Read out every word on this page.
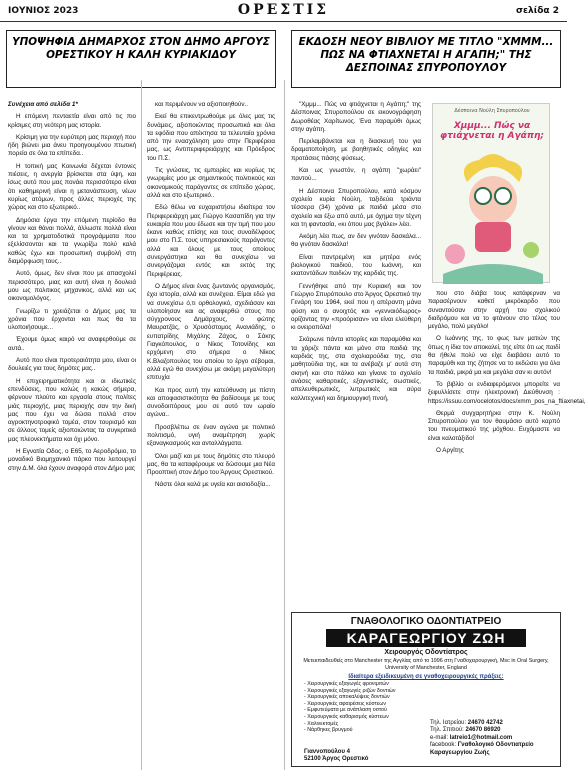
ΙΟΥΝΙΟΣ 2023	ΟΡΕΣΤΙΣ	σελίδα 2
ΥΠΟΨΗΦΙΑ ΔΗΜΑΡΧΟΣ ΣΤΟΝ ΔΗΜΟ ΑΡΓΟΥΣ ΟΡΕΣΤΙΚΟΥ Η ΚΑΛΗ ΚΥΡΙΑΚΙΔΟΥ
ΕΚΔΟΣΗ ΝΕΟΥ ΒΙΒΛΙΟΥ ΜΕ ΤΙΤΛΟ "ΧΜΜΜ... ΠΩΣ ΝΑ ΦΤΙΑΧΝΕΤΑΙ Η ΑΓΑΠΗ;" ΤΗΣ ΔΕΣΠΟΙΝΑΣ ΣΠΥΡΟΠΟΥΛΟΥ

Συνέχεια από σελίδα 1*

Η επόμενη πενταετία είναι από τις πιο κρίσιμες στη νεότερη μας ιστορία.

Κρίσιμη για την ευρύτερη μας περιοχή που ήδη βιώνει μια άνευ προηγουμένου πτωτική πορεία σε όλα τα επίπεδα..

Η τοπική μας Κοινωνία δέχεται έντονες πιέσεις, η ανεργία βρίσκεται στα ύψη, και ίσως αυτό που μας πονάει περισσότερο είναι ότι καθημερινή είναι η μετανάστευση, νέων κυρίως ατόμων, προς άλλες περιοχές της χώρας και στο εξωτερικό..

Δημόσια έργα την επόμενη περίοδο θα γίνουν και θάναι πολλά, άλλωστε πολλά είναι και τα χρηματοδοτικά προγράμματα που εξελίσσονται και τα γνωρίζω πολύ καλά καθώς έχω και προσωπική συμβολή στη διαμόρφωση τους..

Αυτό, όμως, δεν είναι που με απασχολεί περισσότερο, μιας και αυτή είναι η δουλειά μου ως πολιτικος μηχανικος, αλλά και ως οικονομολόγος.

Γνωρίζω τι χρειάζεται ο Δήμος μας τα χρόνια που έρχονται και πως θα τα υλοποιήσουμε...

Έχουμε όμως καιρό να αναφερθούμε σε αυτά..

Αυτό που είναι προτεραιότητα μου, είναι οι δουλειές για τους δημότες μας..

Η επιχειρηματικότητα και οι ιδιωτικές επενδύσεις, που καλώς η κακώς σήμερα, φέρνουν πλούτο και εργασία στους πολίτες μιάς περιοχής, μιας περιοχής σαν την δική μας που έχει να δώσει πολλά στον αγροκτηνοτροφικό τομέα, στον τουρισμό και σε άλλους τομείς αξιοποιώντας τα συγκριτικά μας πλεονεκτήματα και όχι μόνο.

Η Εγνατία Οδος, ο Ε65, το Αεροδρόμιο, το μοναδικό Βιομηχανικό πάρκο που λειτουργεί στην Δ.Μ. όλα έχουν αναφορά στον Δήμο μας

και περιμένουν να αξιοποιηθούν..

Εκεί θα επικεντρωθούμε με όλες μας τις δυνάμεις, αξιοποιώντας προσωπικά και όλα τα εφόδια που απέκτησα τα τελευταία χρόνια από την ενασχόληση μου στην Περιφέρεια μας, ως Αντιπεριφερειάρχης και Πρόεδρος του Π.Σ.

Τις γνώσεις, τις εμπειρίες και κυρίως τις γνωριμίες μου με σημαντικούς πολιτικούς και οικονομικούς παράγοντες σε επίπεδο χώρας, αλλά και στο εξωτερικό..

Εδώ θέλω να ευχαριστήσω ιδιαίτερα τον Περιφερειάρχη μας Γιώργο Κασαπίδη για την ευκαιρία που μου έδωσε και την τιμή που μου έκανε καθώς επίσης και τους συναδέλφους μου στο Π.Σ. τους υπηρεσιακούς παράγοντες αλλά και όλους με τους οποίους συνεργάστηκα και θα συνεχίσω να συνεργάζομαι εντός και εκτός της Περιφέρειας.

Ο Δήμος είναι ένας ζωντανός οργανισμός, έχει ιστορία, αλλά και συνέχεια. Είμαι εδώ για να συνεχίσω ό,τι ορθολογικό, σχεδιάσαν και υλοποίησαν και ας αναφερθώ στους πιο σύγχρονους Δημάρχους, ο φώτης Μαυρατζάς, ο Χρυσόστομος Ανανιάδης, ο ευπατρίδης Μιχάλης Ζάχος, ο Σάκης Γιαγκόπουλος, ο Νίκος Τοτονίδης και ερχόμενη στο σήμερα ο Νίκος Κ.Βλαζοπουλος του οποίου το έργο σέβομαι, αλλά εγώ θα συνεχίσω με ακόμη μεγαλύτερη επιτυχία

Και προς αυτή την κατεύθυνση με πίστη και αποφασιστικότητα θα βαδίσουμε με τους συνοδοιπόρους μου σε αυτό τον ωραίο αγώνα..

Προσβλέπω σε έναν αγώνα με πολιτικό πολιτισμό, υγιή αναμέτρηση χωρίς εξαναγκασμούς και ανταλλάγματα.

Όλοι μαζί και με τους δημότες στο πλευρό μας, θα τα καταφέρουμε να δώσουμε μια Νέα Προοπτική στον Δήμο του Άργους Ορεστικού.

Νάστε όλοι καλά με υγεία και αισιοδοξία...

"Χμμμ... Πώς να φτιάχνεται η Αγάπη;" της Δέσποινας Σπυροπούλου σε εικονογράφηση Δωροθέας Χαρίτωνος. Ένα παραμύθι όμως στην αγάπη.

Περιλαμβάνεται και η διασκευή του για δραματοποίηση, με βοηθητικές οδηγίες και προτάσεις πάσης φύσεως.

Και ως γνωστόν, η αγάπη "χωράει" παντού...

Η Δέσποινα Σπυροπούλου, κατά κόσμον σχολείο κυρία Νούλη, ταξιδεύει τριάντα τέσσερα (34) χρόνια με παιδιά μέσα στο σχολείο και έξω από αυτό, με όχημα την τέχνη και τη φαντασία, «κι όπου μας βγάλει» λέει.

Ακόμη λέει πως, αν δεν γινόταν δασκάλα... θα γινόταν δασκάλα!

Είναι παντρεμένη και μητέρα ενός βιολογικού παιδιού, του Ιωάννη, και εκατοντάδων παιδιών της καρδιάς της.

Γεννήθηκε από την Κυριακή και τον Γεώργιο Σπυρόπουλο στο Άργος Ορεστικό την Γενάρη του 1964, εκεί που η απέραντη μάνα φύση και ο ανοιχτός και «γενναιόδωρος» ορίζοντας την «προόρισαν» να είναι ελεύθερη κι ονειροπόλα!

Σκάρωνε πάντα ιστορίες και παραμύθια και τα χάριζε πάντα και μόνο στα παιδιά της καρδιάς της, στα σχολιαρούδια της, στα μαθητούδια της, και τα ανέβαζε μ' αυτά στη σκηνή και στο πάλκο και γίνανε το σχολείο ανάσες καθαρτικές, εξαγνιστικές, σωστικές, απελευθερωτικές, λυτρωτικές και αύρα καλλιτεχνική και δημιουργική πνοή,

Δέσποινα Νούλη Σπυροπούλου
Χμμμ... Πώς να φτιάχνεται η Αγάπη;

που στο διάβα τους κατάφερναν να παρασέρνουν καθετί μικρόκαρδο που συναντούσαν στην αρχή του σχολικού διαδρόμου και να το φτάνουν στο τέλος του μεγάλο, πολύ μεγάλο!

Ο Ιωάννης της, το φως των ματιών της όπως η ίδια τον αποκαλεί, της είπε ότι ως παιδί θα ήθελε πολύ να είχε διαβάσει αυτό το παραμύθι και της ζήτησε να το εκδώσει για όλα τα παιδιά, μικρά μα και μεγάλα σαν κι αυτόν!

Το βιβλίο οι ενδιαφερόμενοι μπορείτε να ξεφυλλίσετε στην ηλεκτρονική Διεύθυνση : https://issuu.com/ocelotos/docs/xmm_pos_na_ftiaxnetai,

Θερμά συγχαρητήρια στην Κ. Νούλη Σπυροπούλου για τον θαυμάσιο αυτό καρπό του πνευματικού της μόχθου. Ευχόμαστε να είναι καλοτάξιδο!

Ο Αργίτης

ΓΝΑΘΟΛΟΓΙΚΟ ΟΔΟΝΤΙΑΤΡΕΙΟ
ΚΑΡΑΓΕΩΡΓΙΟΥ ΖΩΗ
Χειρουργός Οδοντίατρος
Μετεκπαιδευθείς στο Manchester της Αγγλίας από το 1996 στη Γναθοχειρουργική, Msc in Oral Surgery, University of Manchester, England
Ιδιαίτερα εξειδικευμένη σε γναθοχειρουργικές πράξεις:
- Χειρουργικές εξαγωγές φρονιμιτών
- Χειρουργικές εξαγωγές ριζών δοντιών
- Χειρουργικές αποκαλύψεις δοντιών
- Χειρουργικές αφαιρέσεις κύστεων
- Εμφυτεύματα με ανάπλαση οστού
- Χειρουργικός καθαρισμός κύστεων
- Χαλινεκτομές
- Νάρθηκες βρυγμού
Γιαννοπούλου 4
52100 Άργος Ορεστικό
Τηλ. Ιατρείου: 24670 42742
Τηλ. Σπιτιού: 24670 86920
e-mail: latreio1@hotmail.com
facebook: Γναθολογικό Οδοντιατρείο Καραγεωργίου Ζωής
